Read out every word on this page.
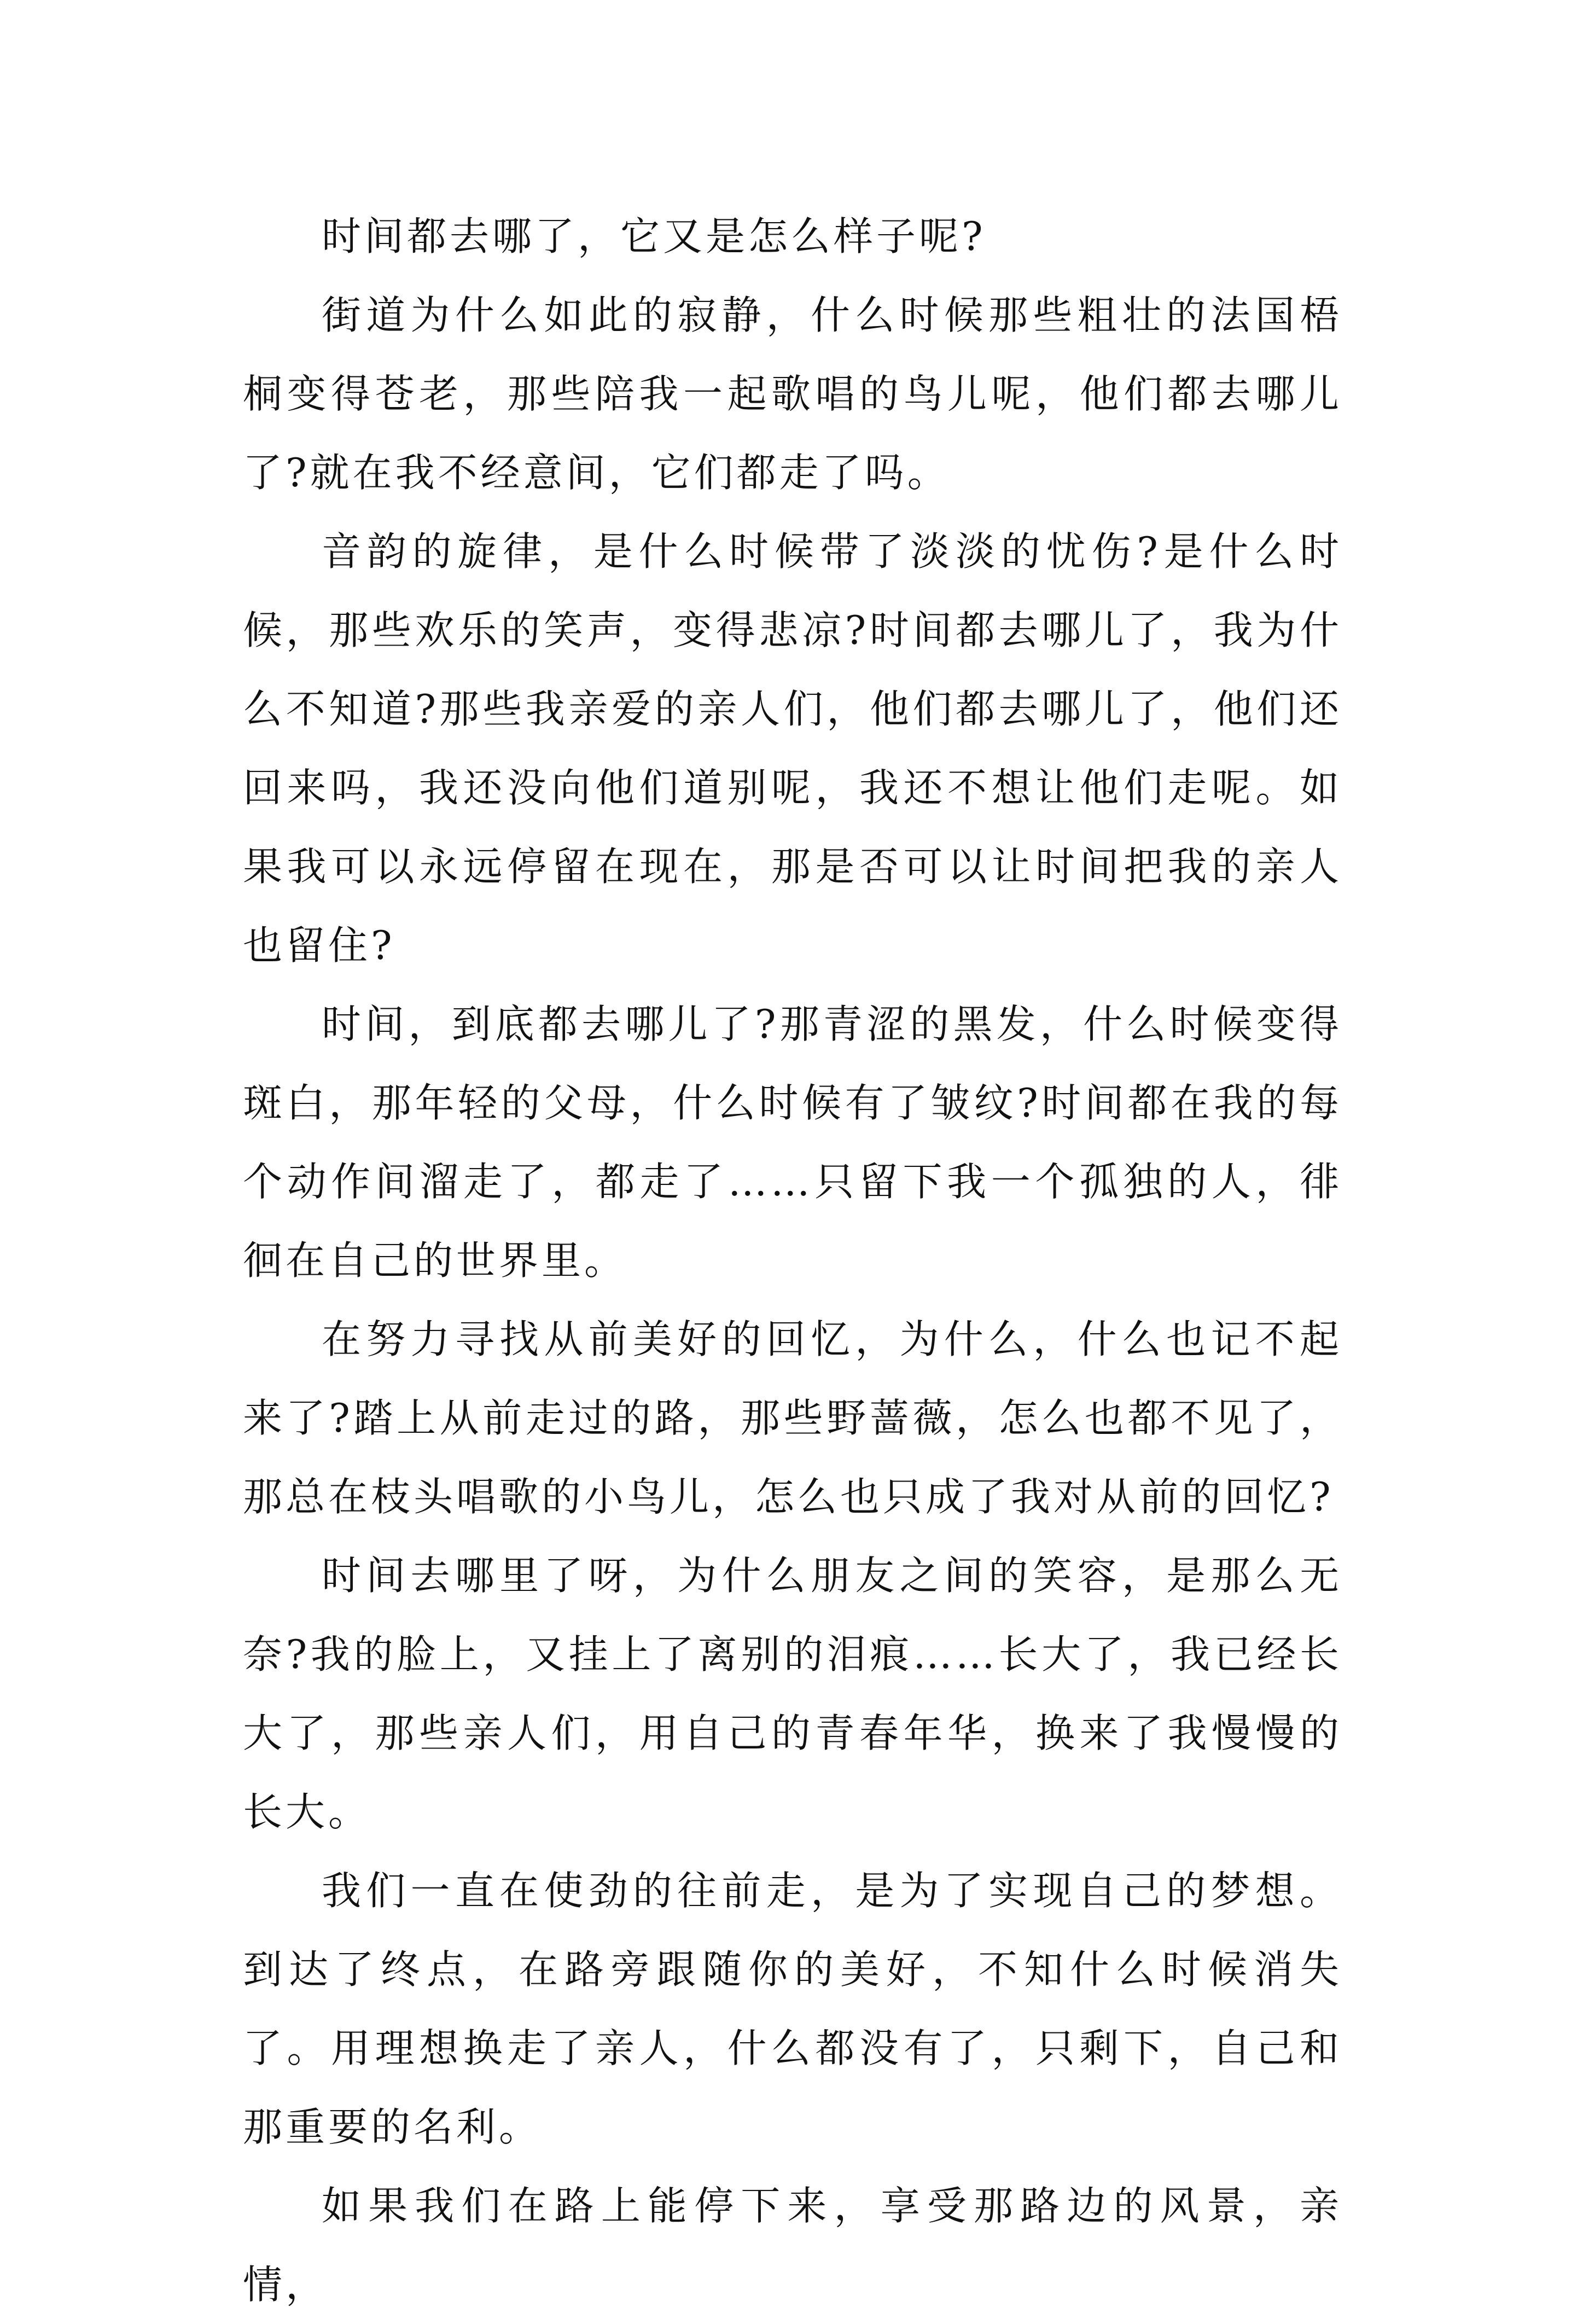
时间都去哪了，它又是怎么样子呢?

街道为什么如此的寂静，什么时候那些粗壮的法国梧桐变得苍老，那些陪我一起歌唱的鸟儿呢，他们都去哪儿了?就在我不经意间，它们都走了吗。

音韵的旋律，是什么时候带了淡淡的忧伤?是什么时候，那些欢乐的笑声，变得悲凉?时间都去哪儿了，我为什么不知道?那些我亲爱的亲人们，他们都去哪儿了，他们还回来吗，我还没向他们道别呢，我还不想让他们走呢。如果我可以永远停留在现在，那是否可以让时间把我的亲人也留住?

时间，到底都去哪儿了?那青涩的黑发，什么时候变得斑白，那年轻的父母，什么时候有了皱纹?时间都在我的每个动作间溜走了，都走了……只留下我一个孤独的人，徘徊在自己的世界里。

在努力寻找从前美好的回忆，为什么，什么也记不起来了?踏上从前走过的路，那些野蔷薇，怎么也都不见了，那总在枝头唱歌的小鸟儿，怎么也只成了我对从前的回忆?

时间去哪里了呀，为什么朋友之间的笑容，是那么无奈?我的脸上，又挂上了离别的泪痕……长大了，我已经长大了，那些亲人们，用自己的青春年华，换来了我慢慢的长大。

我们一直在使劲的往前走，是为了实现自己的梦想。到达了终点，在路旁跟随你的美好，不知什么时候消失了。用理想换走了亲人，什么都没有了，只剩下，自己和那重要的名利。

如果我们在路上能停下来，享受那路边的风景，亲情，
